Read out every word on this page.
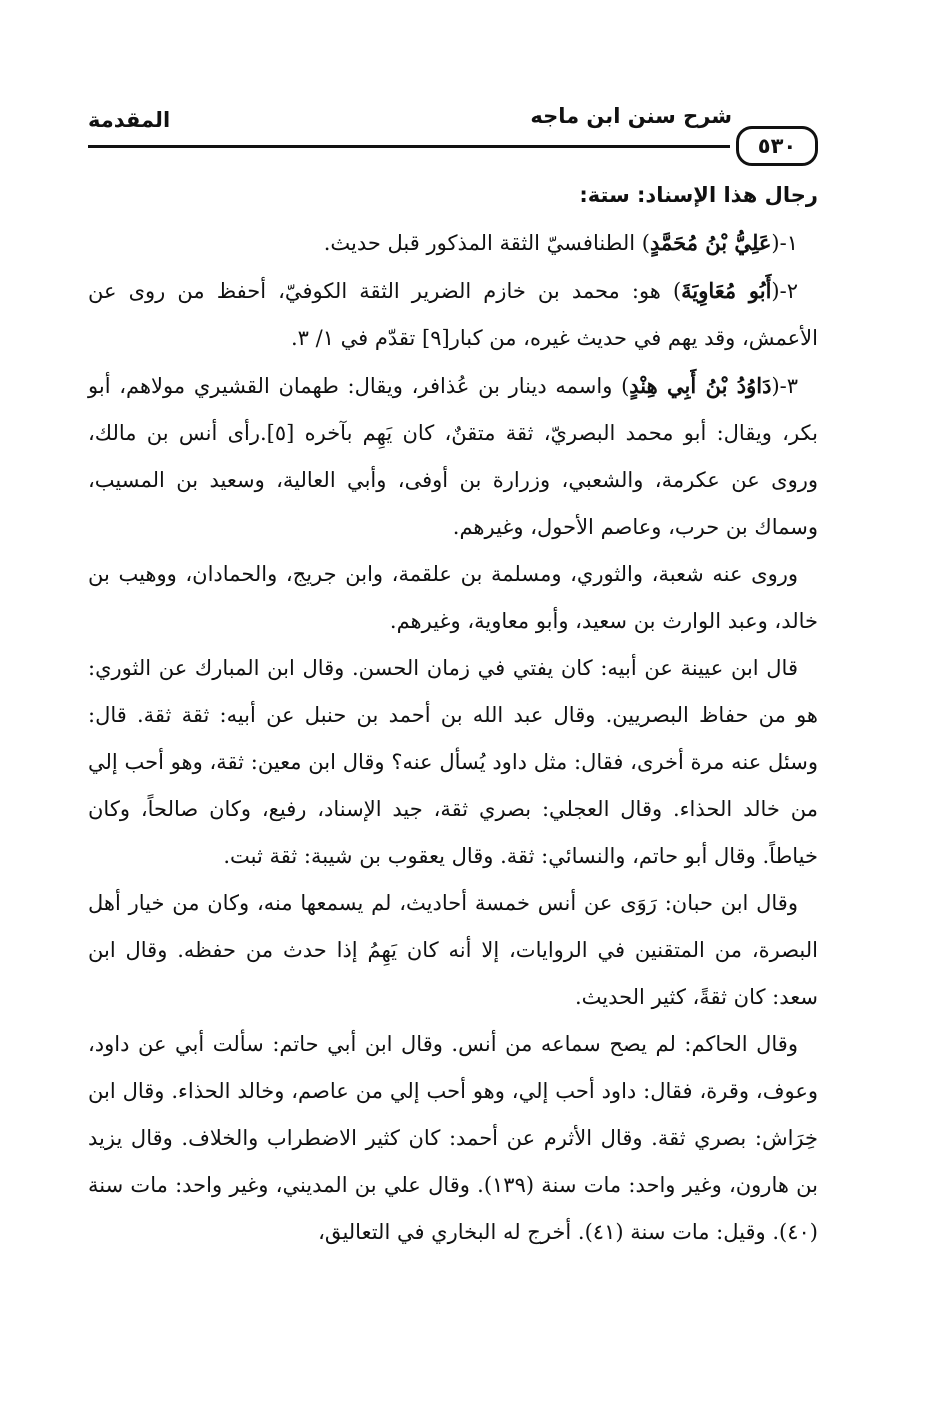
المقدمة	شرح سنن ابن ماجه
٥٣٠

رجال هذا الإسناد: ستة:

١-(عَلِيُّ بْنُ مُحَمَّدٍ) الطنافسيّ الثقة المذكور قبل حديث.

٢-(أَبُو مُعَاوِيَةَ) هو: محمد بن خازم الضرير الثقة الكوفيّ، أحفظ من روى عن الأعمش، وقد يهم في حديث غيره، من كبار[٩] تقدّم في ١/ ٣.

٣-(دَاوُدُ بْنُ أَبِي هِنْدٍ) واسمه دينار بن عُذافر، ويقال: طهمان القشيري مولاهم، أبو بكر، ويقال: أبو محمد البصريّ، ثقة متقنٌ، كان يَهِم بآخره [٥].رأى أنس بن مالك، وروى عن عكرمة، والشعبي، وزرارة بن أوفى، وأبي العالية، وسعيد بن المسيب، وسماك بن حرب، وعاصم الأحول، وغيرهم.

وروى عنه شعبة، والثوري، ومسلمة بن علقمة، وابن جريج، والحمادان، ووهيب بن خالد، وعبد الوارث بن سعيد، وأبو معاوية، وغيرهم.

قال ابن عيينة عن أبيه: كان يفتي في زمان الحسن. وقال ابن المبارك عن الثوري: هو من حفاظ البصريين. وقال عبد الله بن أحمد بن حنبل عن أبيه: ثقة ثقة. قال: وسئل عنه مرة أخرى، فقال: مثل داود يُسأل عنه؟ وقال ابن معين: ثقة، وهو أحب إلي من خالد الحذاء. وقال العجلي: بصري ثقة، جيد الإسناد، رفيع، وكان صالحاً، وكان خياطاً. وقال أبو حاتم، والنسائي: ثقة. وقال يعقوب بن شيبة: ثقة ثبت.

وقال ابن حبان: رَوَى عن أنس خمسة أحاديث، لم يسمعها منه، وكان من خيار أهل البصرة، من المتقنين في الروايات، إلا أنه كان يَهِمُ إذا حدث من حفظه. وقال ابن سعد: كان ثقةً، كثير الحديث.

وقال الحاكم: لم يصح سماعه من أنس. وقال ابن أبي حاتم: سألت أبي عن داود، وعوف، وقرة، فقال: داود أحب إلي، وهو أحب إلي من عاصم، وخالد الحذاء. وقال ابن خِرَاش: بصري ثقة. وقال الأثرم عن أحمد: كان كثير الاضطراب والخلاف. وقال يزيد بن هارون، وغير واحد: مات سنة (١٣٩). وقال علي بن المديني، وغير واحد: مات سنة (٤٠). وقيل: مات سنة (٤١). أخرج له البخاري في التعاليق،
